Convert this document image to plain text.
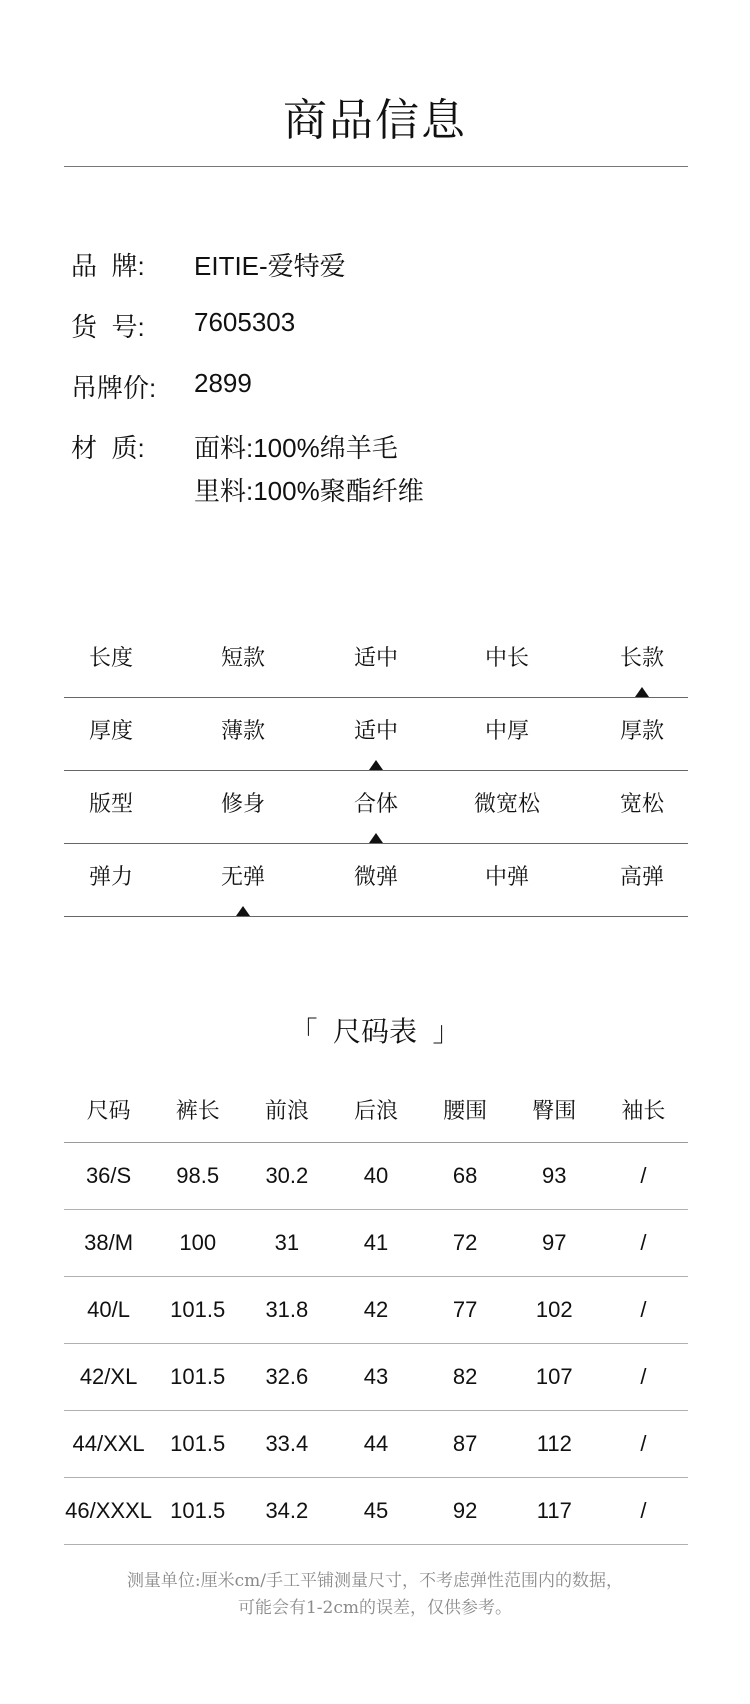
商品信息
品  牌: EITIE-爱特爱
货  号: 7605303
吊牌价: 2899
材  质: 面料:100%绵羊毛
里料:100%聚酯纤维
长度	短款	适中	中长	长款
厚度	薄款	适中	中厚	厚款
版型	修身	合体	微宽松	宽松
弹力	无弹	微弹	中弹	高弹
「  尺码表  」
尺码	裤长	前浪	后浪	腰围	臀围	袖长
36/S	98.5	30.2	40	68	93	/
38/M	100	31	41	72	97	/
40/L	101.5	31.8	42	77	102	/
42/XL	101.5	32.6	43	82	107	/
44/XXL	101.5	33.4	44	87	112	/
46/XXXL	101.5	34.2	45	92	117	/
测量单位:厘米cm/手工平铺测量尺寸，不考虑弹性范围内的数据，
可能会有1-2cm的误差，仅供参考。
